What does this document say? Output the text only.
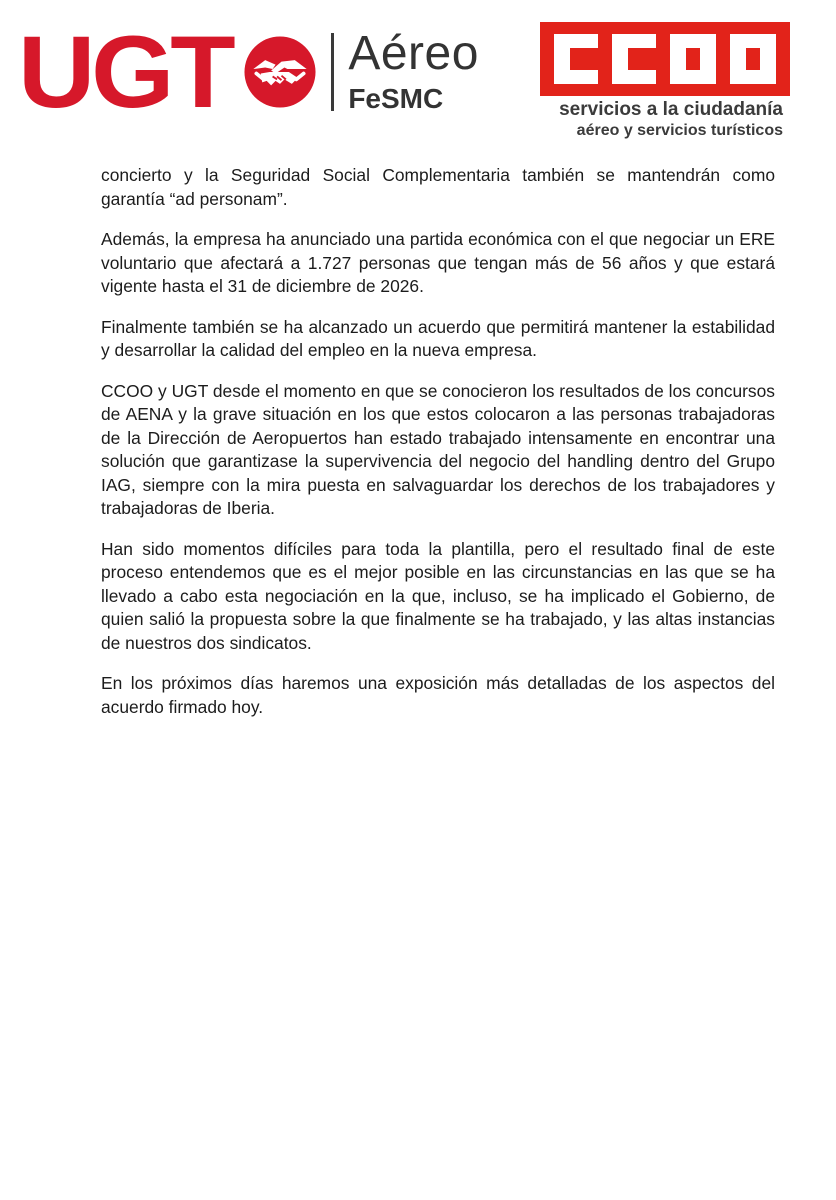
UGT Aéreo
FeSMC	servicios a la ciudadanía
aéreo y servicios turísticos

concierto y la Seguridad Social Complementaria también se mantendrán como garantía “ad personam”.

Además, la empresa ha anunciado una partida económica con el que negociar un ERE voluntario que afectará a 1.727 personas que tengan más de 56 años y que estará vigente hasta el 31 de diciembre de 2026.

Finalmente también se ha alcanzado un acuerdo que permitirá mantener la estabilidad y desarrollar la calidad del empleo en la nueva empresa.

CCOO y UGT desde el momento en que se conocieron los resultados de los concursos de AENA y la grave situación en los que estos colocaron a las personas trabajadoras de la Dirección de Aeropuertos han estado trabajado intensamente en encontrar una solución que garantizase la supervivencia del negocio del handling dentro del Grupo IAG, siempre con la mira puesta en salvaguardar los derechos de los trabajadores y trabajadoras de Iberia.

Han sido momentos difíciles para toda la plantilla, pero el resultado final de este proceso entendemos que es el mejor posible en las circunstancias en las que se ha llevado a cabo esta negociación en la que, incluso, se ha implicado el Gobierno, de quien salió la propuesta sobre la que finalmente se ha trabajado, y las altas instancias de nuestros dos sindicatos.

En los próximos días haremos una exposición más detalladas de los aspectos del acuerdo firmado hoy.
